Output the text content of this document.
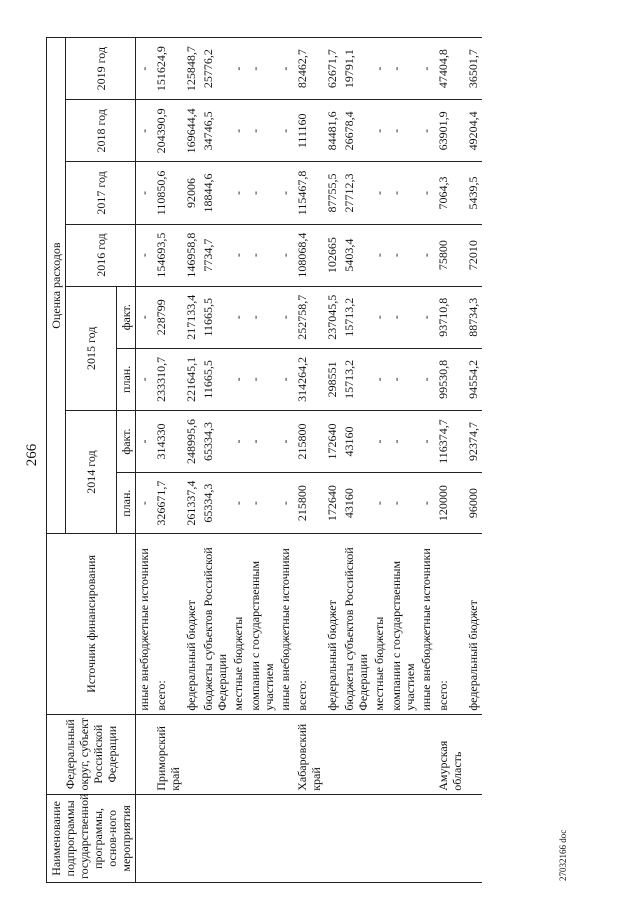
266
Наименование подпрограммы государственной программы, основ-ного мероприятия	Федеральный округ, субъект Российской Федерации	Источник финансирования	Оценка расходов							
			2014 год		2015 год		2016 год	2017 год	2018 год	2019 год
			план.	факт.	план.	факт.				
		иные внебюджетные источники	-	-	-	-	-	-	-	-
	Приморский край	всего:	326671,7	314330	233310,7	228799	154693,5	110850,6	204390,9	151624,9
		федеральный бюджет	261337,4	248995,6	221645,1	217133,4	146958,8	92006	169644,4	125848,7
		бюджеты субъектов Российской Федерации	65334,3	65334,3	11665,5	11665,5	7734,7	18844,6	34746,5	25776,2
		местные бюджеты	-	-	-	-	-	-	-	-
		компании с государственным участием	-	-	-	-	-	-	-	-
		иные внебюджетные источники	-	-	-	-	-	-	-	-
	Хабаровский край	всего:	215800	215800	314264,2	252758,7	108068,4	115467,8	111160	82462,7
		федеральный бюджет	172640	172640	298551	237045,5	102665	87755,5	84481,6	62671,7
		бюджеты субъектов Российской Федерации	43160	43160	15713,2	15713,2	5403,4	27712,3	26678,4	19791,1
		местные бюджеты	-	-	-	-	-	-	-	-
		компании с государственным участием	-	-	-	-	-	-	-	-
		иные внебюджетные источники	-	-	-	-	-	-	-	-
	Амурская область	всего:	120000	116374,7	99530,8	93710,8	75800	7064,3	63901,9	47404,8
		федеральный бюджет	96000	92374,7	94554,2	88734,3	72010	5439,5	49204,4	36501,7
27032166 doc
